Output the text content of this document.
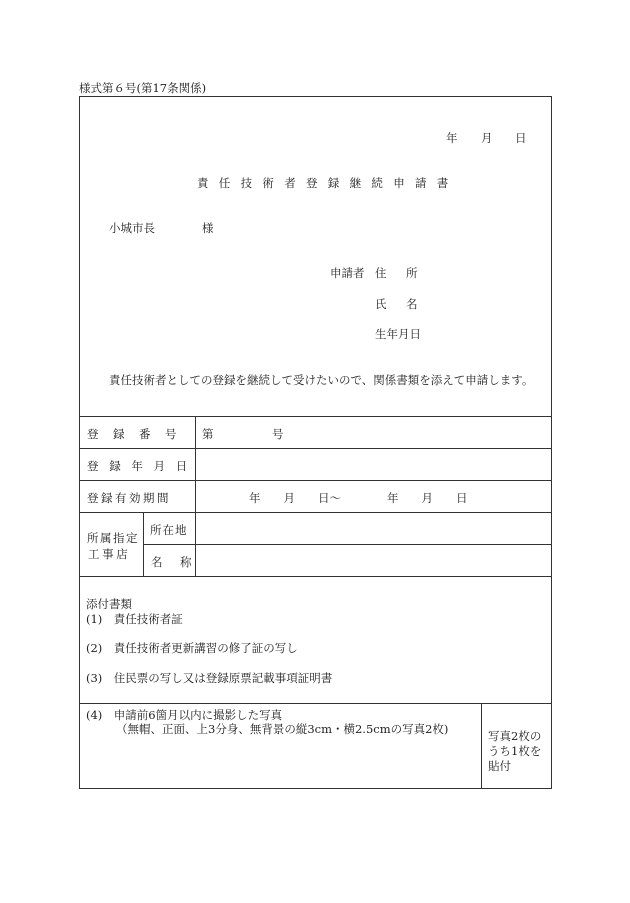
様式第６号(第17条関係)
年 月 日
責任技術者登録継続申請書
小城市長	様
申請者 住　所
氏　名
生年月日
責任技術者としての登録を継続して受けたいので、関係書類を添えて申請します。
登　録　番　号 第	号
登　録　年　月　日
登録有効期間	年　　月　　日～　　　　年　　月　　日
所属指定
工 事 店
所在地
名　称
添付書類
(1)　責任技術者証
(2)　責任技術者更新講習の修了証の写し
(3)　住民票の写し又は登録原票記載事項証明書
(4)　申請前6箇月以内に撮影した写真
（無帽、正面、上3分身、無背景の縦3cm・横2.5cmの写真2枚)	写真2枚の
うち1枚を
貼付
